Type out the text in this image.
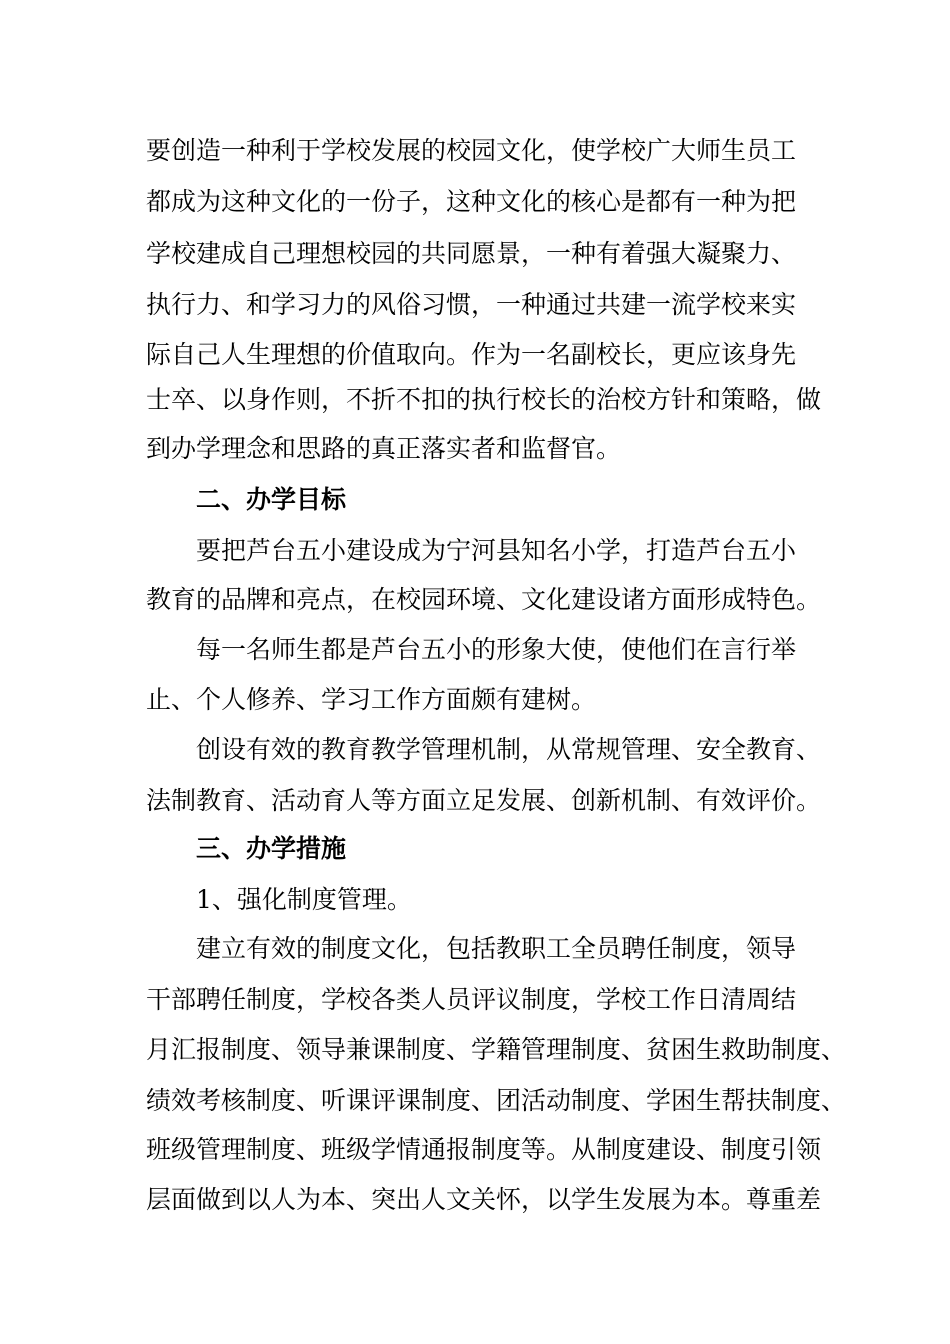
要创造一种利于学校发展的校园文化，使学校广大师生员工
都成为这种文化的一份子，这种文化的核心是都有一种为把
学校建成自己理想校园的共同愿景，一种有着强大凝聚力、
执行力、和学习力的风俗习惯，一种通过共建一流学校来实
际自己人生理想的价值取向。作为一名副校长，更应该身先
士卒、以身作则，不折不扣的执行校长的治校方针和策略，做
到办学理念和思路的真正落实者和监督官。
二、办学目标
要把芦台五小建设成为宁河县知名小学，打造芦台五小
教育的品牌和亮点，在校园环境、文化建设诸方面形成特色。
每一名师生都是芦台五小的形象大使，使他们在言行举
止、个人修养、学习工作方面颇有建树。
创设有效的教育教学管理机制，从常规管理、安全教育、
法制教育、活动育人等方面立足发展、创新机制、有效评价。
三、办学措施
1、强化制度管理。
建立有效的制度文化，包括教职工全员聘任制度，领导
干部聘任制度，学校各类人员评议制度，学校工作日清周结
月汇报制度、领导兼课制度、学籍管理制度、贫困生救助制度、
绩效考核制度、听课评课制度、团活动制度、学困生帮扶制度、
班级管理制度、班级学情通报制度等。从制度建设、制度引领
层面做到以人为本、突出人文关怀，以学生发展为本。尊重差
